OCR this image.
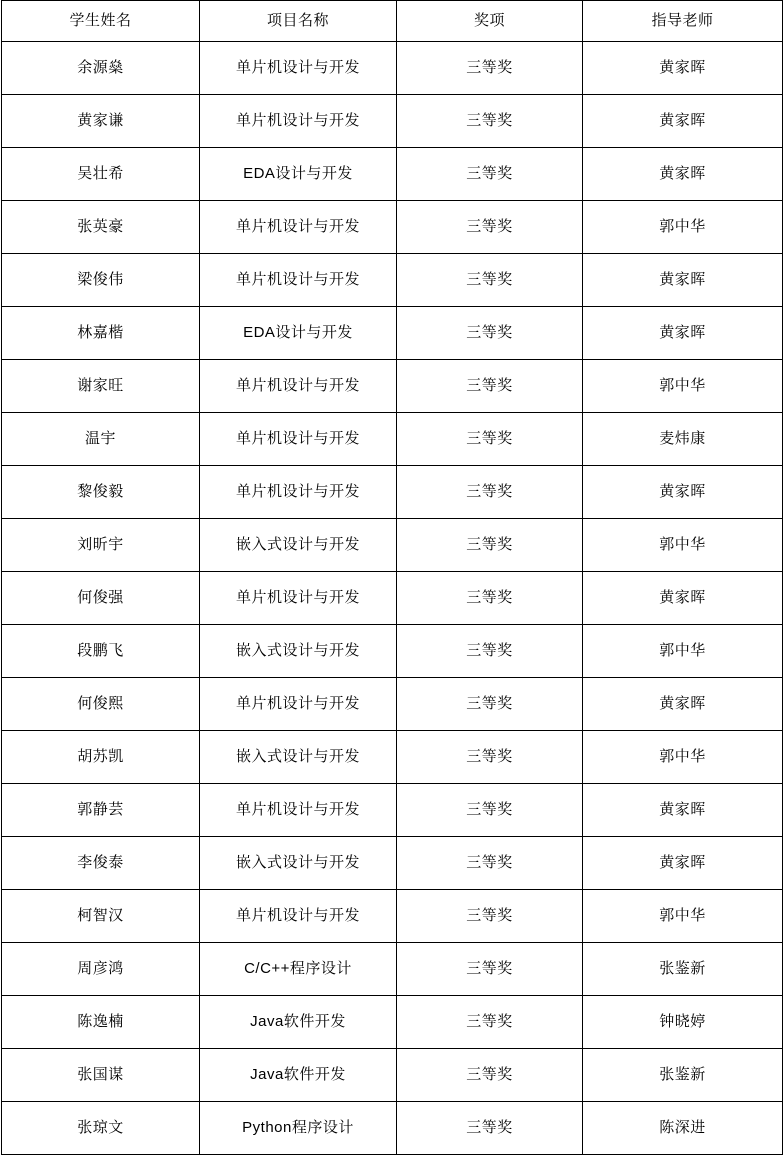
学生姓名	项目名称	奖项	指导老师
余源燊	单片机设计与开发	三等奖	黄家晖
黄家谦	单片机设计与开发	三等奖	黄家晖
吴壮希	EDA设计与开发	三等奖	黄家晖
张英豪	单片机设计与开发	三等奖	郭中华
梁俊伟	单片机设计与开发	三等奖	黄家晖
林嘉楷	EDA设计与开发	三等奖	黄家晖
谢家旺	单片机设计与开发	三等奖	郭中华
温宇	单片机设计与开发	三等奖	麦炜康
黎俊毅	单片机设计与开发	三等奖	黄家晖
刘昕宇	嵌入式设计与开发	三等奖	郭中华
何俊强	单片机设计与开发	三等奖	黄家晖
段鹏飞	嵌入式设计与开发	三等奖	郭中华
何俊熙	单片机设计与开发	三等奖	黄家晖
胡苏凯	嵌入式设计与开发	三等奖	郭中华
郭静芸	单片机设计与开发	三等奖	黄家晖
李俊泰	嵌入式设计与开发	三等奖	黄家晖
柯智汉	单片机设计与开发	三等奖	郭中华
周彦鸿	C/C++程序设计	三等奖	张鉴新
陈逸楠	Java软件开发	三等奖	钟晓婷
张国谋	Java软件开发	三等奖	张鉴新
张琼文	Python程序设计	三等奖	陈深进
